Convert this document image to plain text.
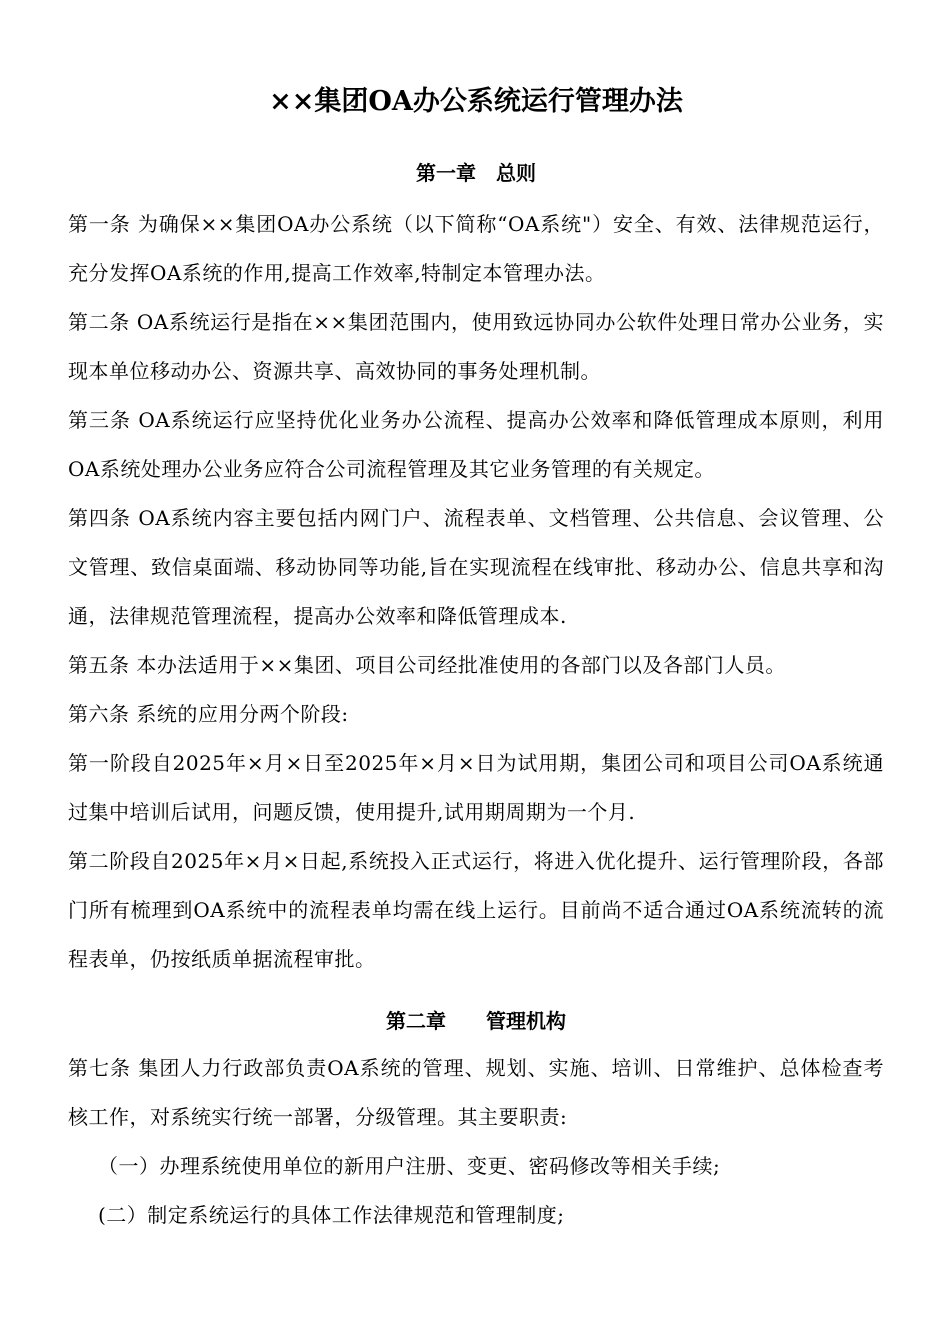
××集团OA办公系统运行管理办法
第一章　总则

第一条 为确保××集团OA办公系统（以下简称“OA系统"）安全、有效、法律规范运行，充分发挥OA系统的作用,提高工作效率,特制定本管理办法。

第二条 OA系统运行是指在××集团范围内，使用致远协同办公软件处理日常办公业务，实现本单位移动办公、资源共享、高效协同的事务处理机制。

第三条 OA系统运行应坚持优化业务办公流程、提高办公效率和降低管理成本原则，利用OA系统处理办公业务应符合公司流程管理及其它业务管理的有关规定。

第四条 OA系统内容主要包括内网门户、流程表单、文档管理、公共信息、会议管理、公文管理、致信桌面端、移动协同等功能,旨在实现流程在线审批、移动办公、信息共享和沟通，法律规范管理流程，提高办公效率和降低管理成本.

第五条 本办法适用于××集团、项目公司经批准使用的各部门以及各部门人员。

第六条 系统的应用分两个阶段:

第一阶段自2025年×月×日至2025年×月×日为试用期，集团公司和项目公司OA系统通过集中培训后试用，问题反馈，使用提升,试用期周期为一个月.

第二阶段自2025年×月×日起,系统投入正式运行，将进入优化提升、运行管理阶段，各部门所有梳理到OA系统中的流程表单均需在线上运行。目前尚不适合通过OA系统流转的流程表单，仍按纸质单据流程审批。

第二章　　管理机构

第七条 集团人力行政部负责OA系统的管理、规划、实施、培训、日常维护、总体检查考核工作，对系统实行统一部署，分级管理。其主要职责:

（一）办理系统使用单位的新用户注册、变更、密码修改等相关手续;

(二）制定系统运行的具体工作法律规范和管理制度;
